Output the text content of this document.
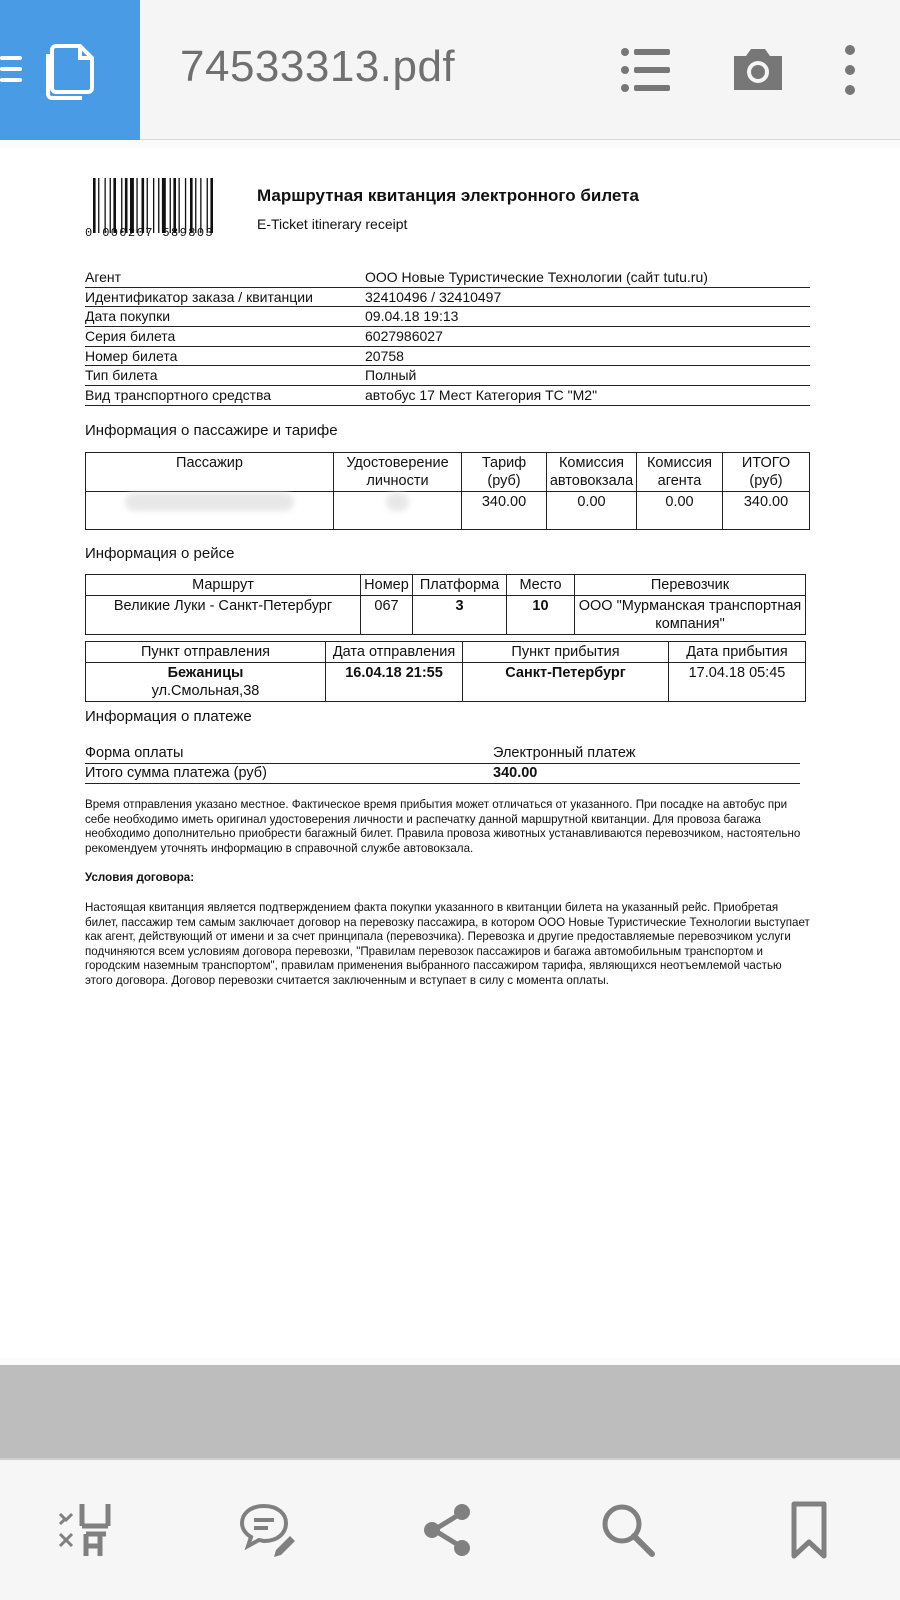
74533313.pdf
0 000207 589803
Маршрутная квитанция электронного билета
E-Ticket itinerary receipt
Агент	ООО Новые Туристические Технологии (сайт tutu.ru)
Идентификатор заказа / квитанции	32410496 / 32410497
Дата покупки	09.04.18 19:13
Серия билета	6027986027
Номер билета	20758
Тип билета	Полный
Вид транспортного средства	автобус 17 Мест Категория ТС "М2"
Информация о пассажире и тарифе
Пассажир	Удостоверение личности	Тариф (руб)	Комиссия автовокзала	Комиссия агента	ИТОГО (руб)
		340.00	0.00	0.00	340.00
Информация о рейсе
Маршрут	Номер	Платформа	Место	Перевозчик
Великие Луки - Санкт-Петербург	067	3	10	ООО "Мурманская транспортная компания"
Пункт отправления	Дата отправления	Пункт прибытия	Дата прибытия

Бежаницы
ул.Смольная,38	16.04.18 21:55	Санкт-Петербург	17.04.18 05:45
Информация о платеже
Форма оплаты	Электронный платеж
Итого сумма платежа (руб)	340.00
Время отправления указано местное. Фактическое время прибытия может отличаться от указанного. При посадке на автобус при себе необходимо иметь оригинал удостоверения личности и распечатку данной маршрутной квитанции. Для провоза багажа необходимо дополнительно приобрести багажный билет. Правила провоза животных устанавливаются перевозчиком, настоятельно рекомендуем уточнять информацию в справочной службе автовокзала.
Условия договора:
Настоящая квитанция является подтверждением факта покупки указанного в квитанции билета на указанный рейс. Приобретая билет, пассажир тем самым заключает договор на перевозку пассажира, в котором ООО Новые Туристические Технологии выступает как агент, действующий от имени и за счет принципала (перевозчика). Перевозка и другие предоставляемые перевозчиком услуги подчиняются всем условиям договора перевозки, "Правилам перевозок пассажиров и багажа автомобильным транспортом и городским наземным транспортом", правилам применения выбранного пассажиром тарифа, являющихся неотъемлемой частью этого договора. Договор перевозки считается заключенным и вступает в силу с момента оплаты.
